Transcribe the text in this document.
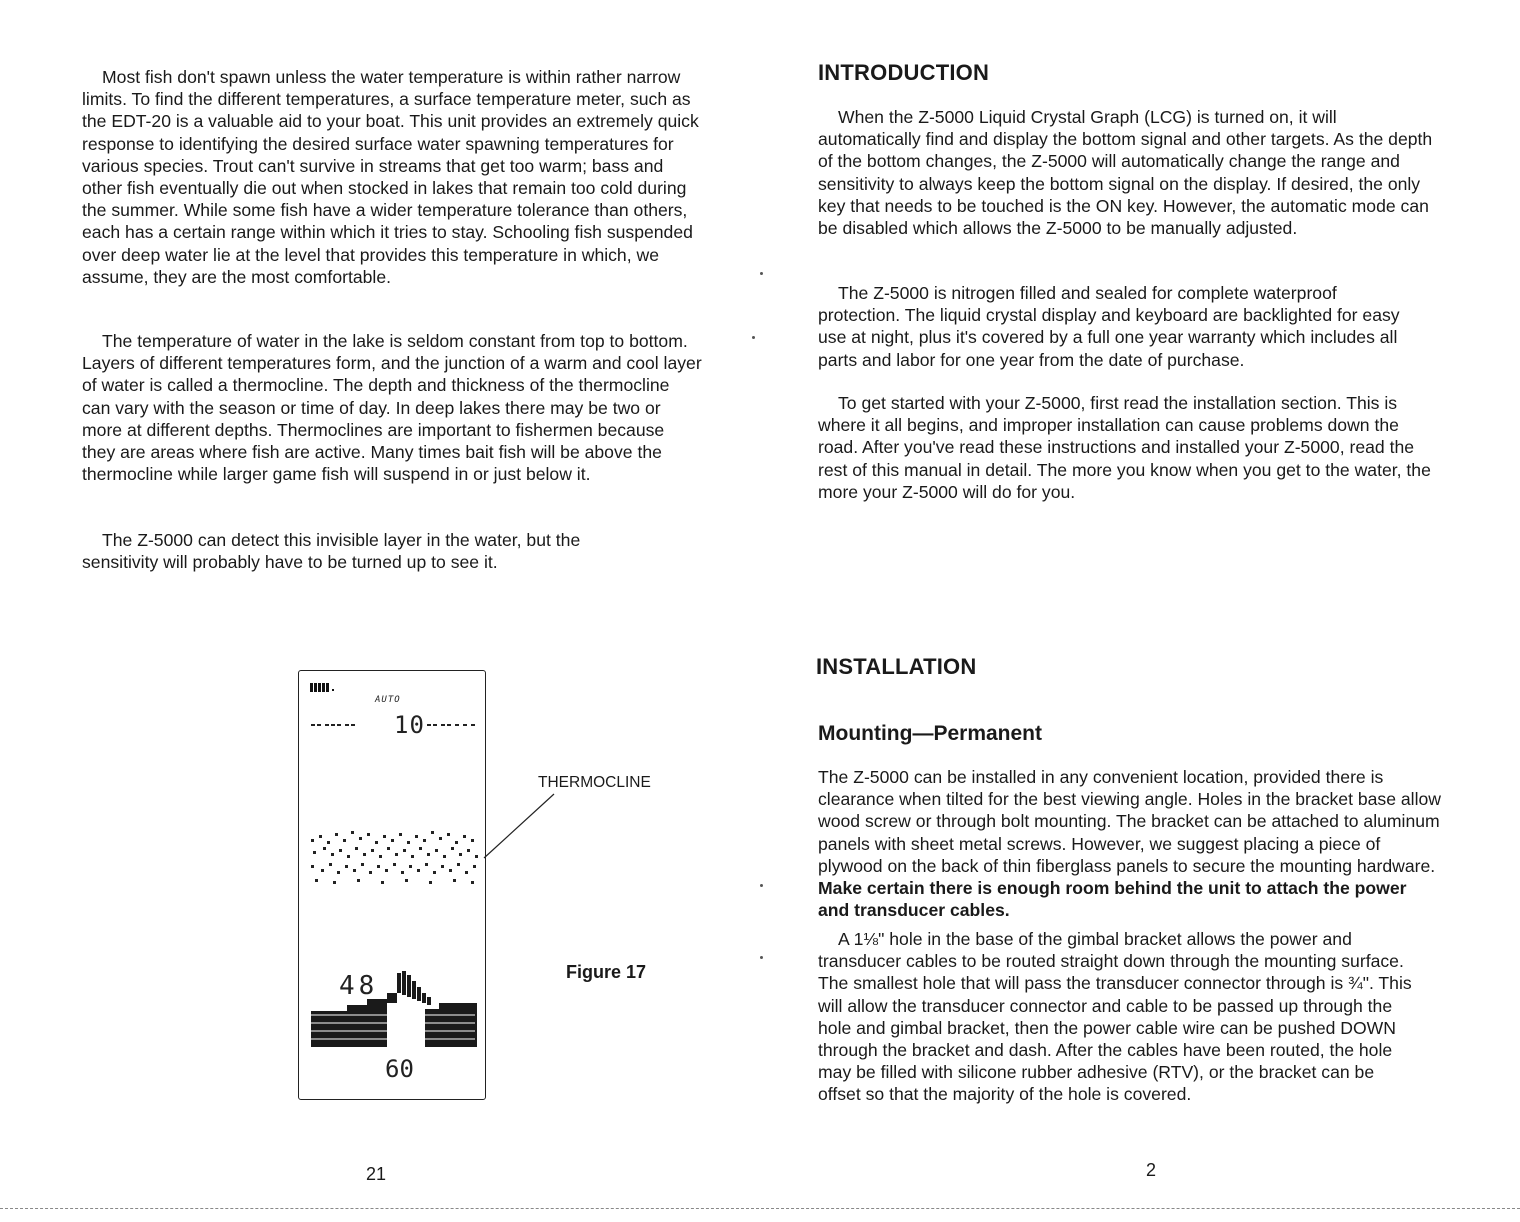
Most fish don't spawn unless the water temperature is within rather narrow limits. To find the different temperatures, a surface temperature meter, such as the EDT-20 is a valuable aid to your boat. This unit provides an extremely quick response to identifying the desired surface water spawning temperatures for various species. Trout can't survive in streams that get too warm; bass and other fish eventually die out when stocked in lakes that remain too cold during the summer. While some fish have a wider temperature tolerance than others, each has a certain range within which it tries to stay. Schooling fish suspended over deep water lie at the level that provides this temperature in which, we assume, they are the most comfortable.

The temperature of water in the lake is seldom constant from top to bottom. Layers of different temperatures form, and the junction of a warm and cool layer of water is called a thermocline. The depth and thickness of the thermocline can vary with the season or time of day. In deep lakes there may be two or more at different depths. Thermoclines are important to fishermen because they are areas where fish are active. Many times bait fish will be above the thermocline while larger game fish will suspend in or just below it.

The Z-5000 can detect this invisible layer in the water, but the sensitivity will probably have to be turned up to see it.

AUTO
10
48
60
THERMOCLINE
Figure 17
21
INTRODUCTION

When the Z-5000 Liquid Crystal Graph (LCG) is turned on, it will automatically find and display the bottom signal and other targets. As the depth of the bottom changes, the Z-5000 will automatically change the range and sensitivity to always keep the bottom signal on the display. If desired, the only key that needs to be touched is the ON key. However, the automatic mode can be disabled which allows the Z-5000 to be manually adjusted.

The Z-5000 is nitrogen filled and sealed for complete waterproof protection. The liquid crystal display and keyboard are backlighted for easy use at night, plus it's covered by a full one year warranty which includes all parts and labor for one year from the date of purchase.

To get started with your Z-5000, first read the installation section. This is where it all begins, and improper installation can cause problems down the road. After you've read these instructions and installed your Z-5000, read the rest of this manual in detail. The more you know when you get to the water, the more your Z-5000 will do for you.

INSTALLATION
Mounting—Permanent

The Z-5000 can be installed in any convenient location, provided there is clearance when tilted for the best viewing angle. Holes in the bracket base allow wood screw or through bolt mounting. The bracket can be attached to aluminum panels with sheet metal screws. However, we suggest placing a piece of plywood on the back of thin fiberglass panels to secure the mounting hardware. Make certain there is enough room behind the unit to attach the power and transducer cables.

A 1⅛" hole in the base of the gimbal bracket allows the power and transducer cables to be routed straight down through the mounting surface. The smallest hole that will pass the transducer connector through is ¾". This will allow the transducer connector and cable to be passed up through the hole and gimbal bracket, then the power cable wire can be pushed DOWN through the bracket and dash. After the cables have been routed, the hole may be filled with silicone rubber adhesive (RTV), or the bracket can be offset so that the majority of the hole is covered.

2
